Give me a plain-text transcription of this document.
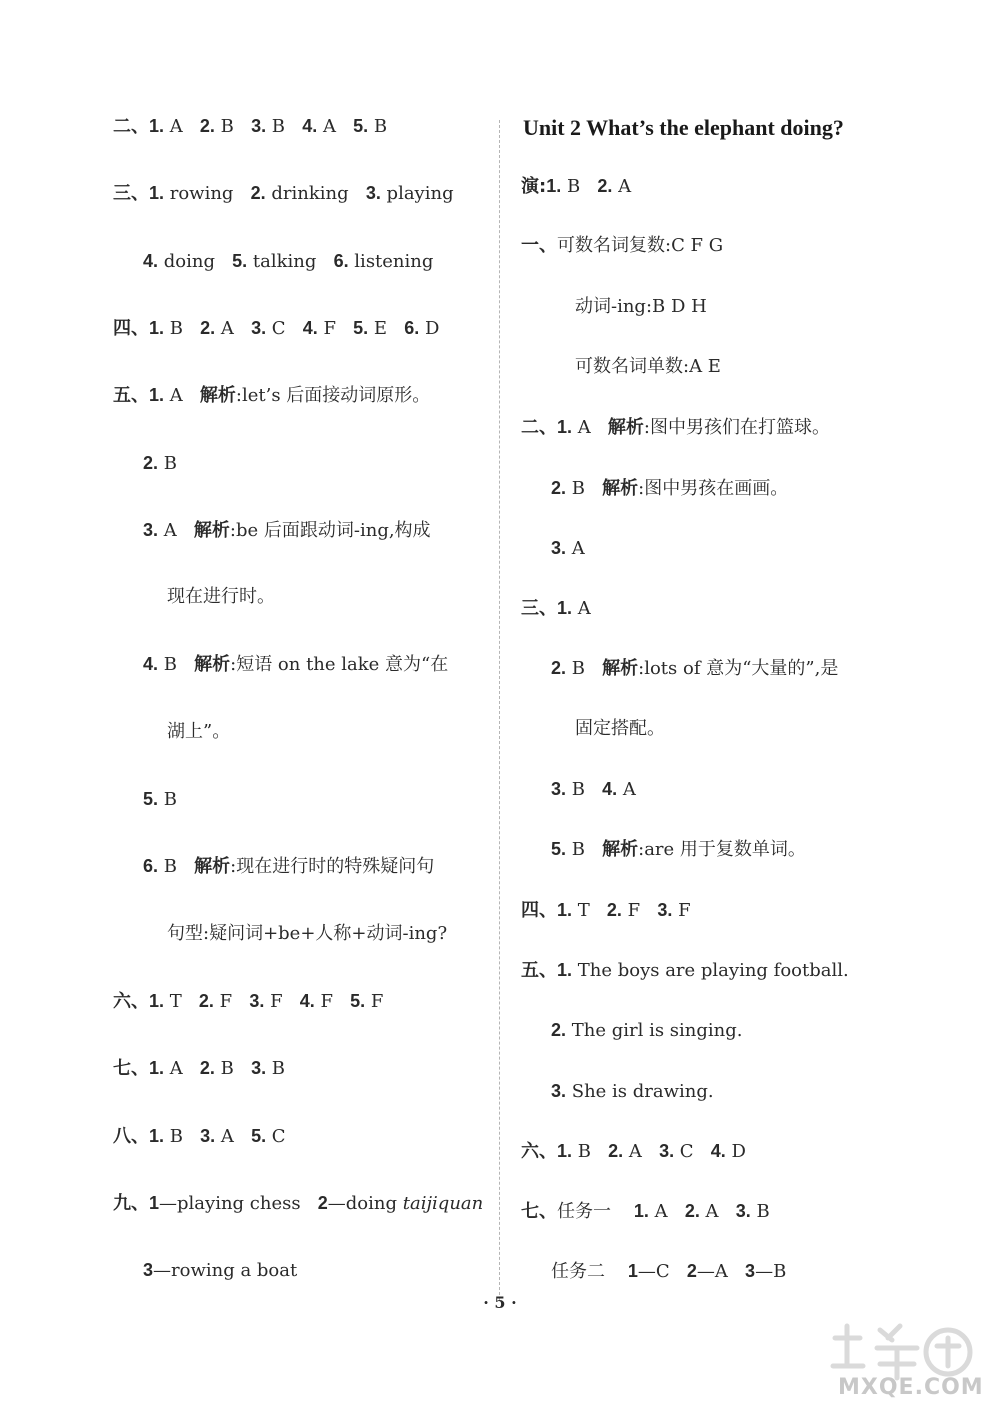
二、1. A 2. B 3. B 4. A 5. B
三、1. rowing 2. drinking 3. playing
4. doing 5. talking 6. listening
四、1. B 2. A 3. C 4. F 5. E 6. D
五、1. A 解析:let’s 后面接动词原形。
2. B
3. A 解析:be 后面跟动词-ing,构成
现在进行时。
4. B 解析:短语 on the lake 意为“在
湖上”。
5. B
6. B 解析:现在进行时的特殊疑问句
句型:疑问词+be+人称+动词-ing?
六、1. T 2. F 3. F 4. F 5. F
七、1. A 2. B 3. B
八、1. B 3. A 5. C
九、1—playing chess 2—doing taijiquan
3—rowing a boat
Unit 2 What’s the elephant doing?
演:1. B 2. A
一、可数名词复数:C F G
动词-ing:B D H
可数名词单数:A E
二、1. A 解析:图中男孩们在打篮球。
2. B 解析:图中男孩在画画。
3. A
三、1. A
2. B 解析:lots of 意为“大量的”,是
固定搭配。
3. B 4. A
5. B 解析:are 用于复数单词。
四、1. T 2. F 3. F
五、1. The boys are playing football.
2. The girl is singing.
3. She is drawing.
六、1. B 2. A 3. C 4. D
七、任务一 1. A 2. A 3. B
任务二 1—C 2—A 3—B
· 5 ·
MXQE.COM
